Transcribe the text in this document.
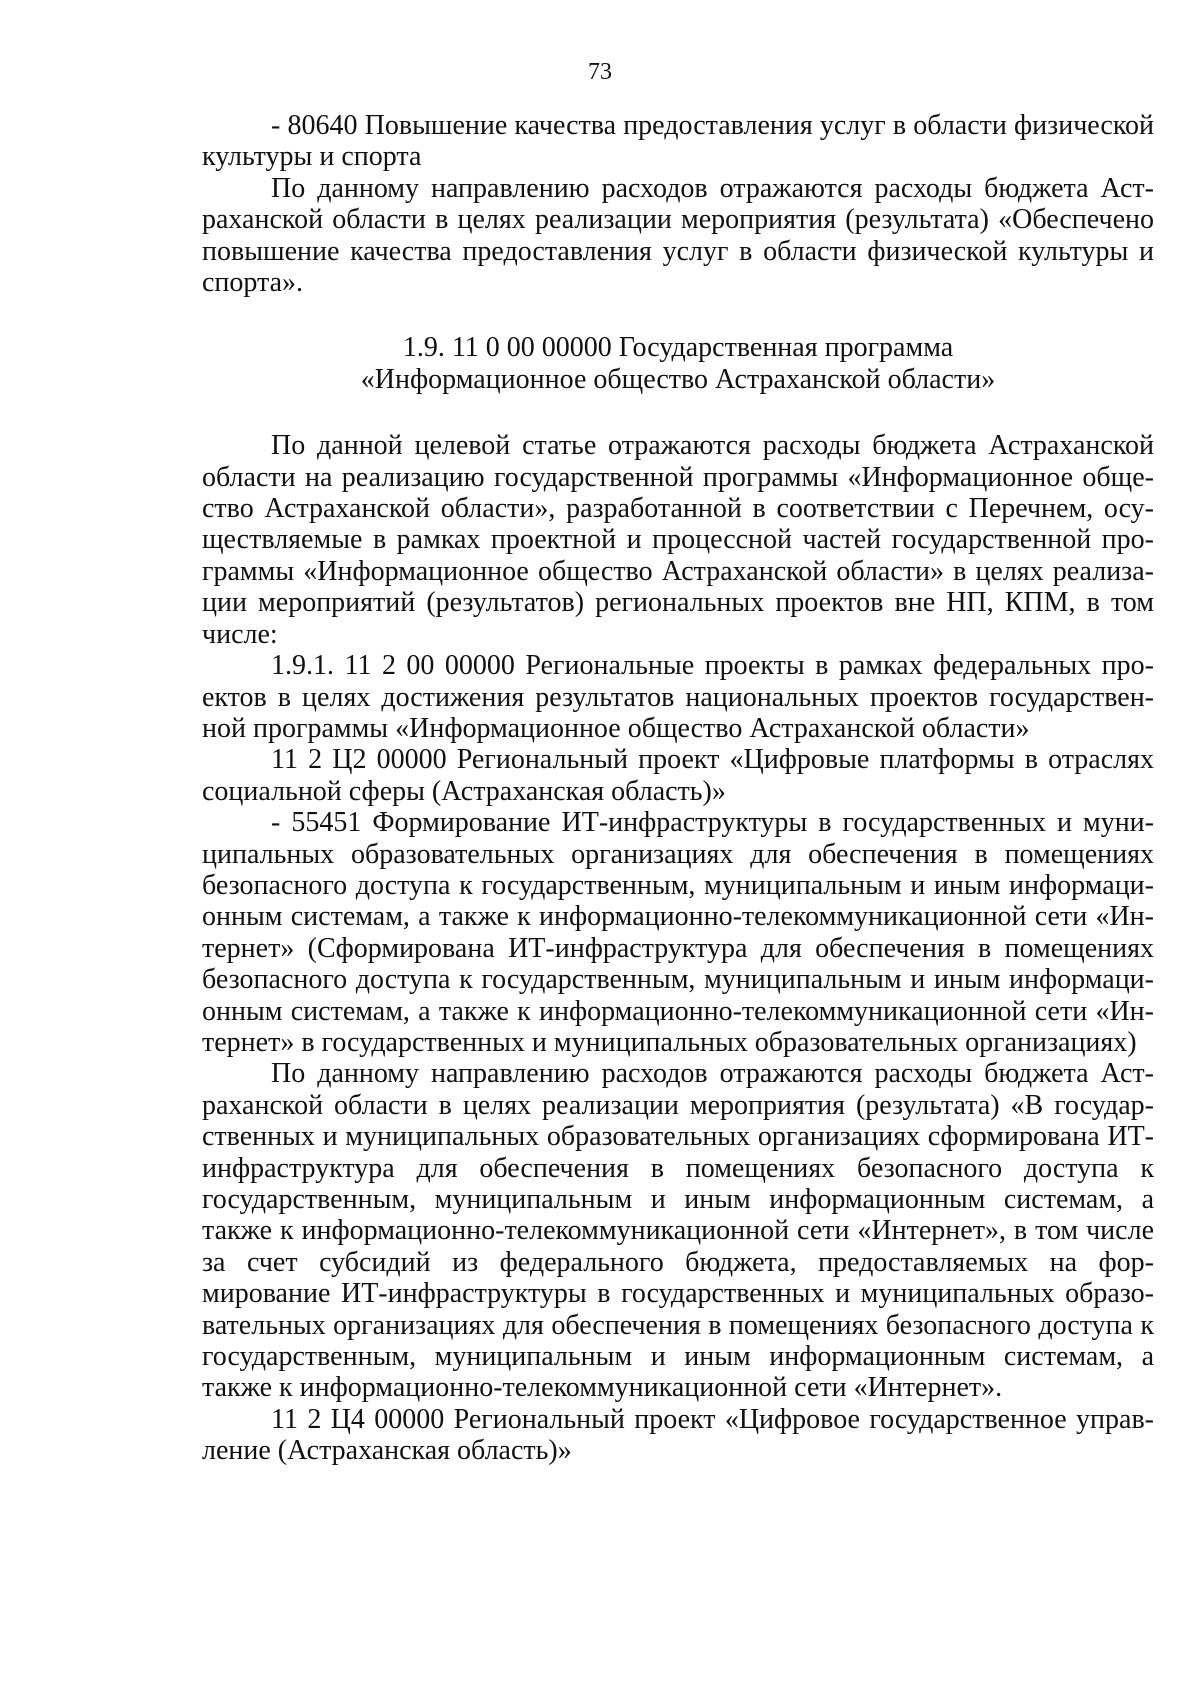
73

- 80640 Повышение качества предоставления услуг в области физической культуры и спорта

По данному направлению расходов отражаются расходы бюджета Астраханской области в целях реализации мероприятия (результата) «Обеспечено повышение качества предоставления услуг в области физической культуры и спорта».

1.9. 11 0 00 00000 Государственная программа

«Информационное общество Астраханской области»

По данной целевой статье отражаются расходы бюджета Астраханской области на реализацию государственной программы «Информационное общество Астраханской области», разработанной в соответствии с Перечнем, осуществляемые в рамках проектной и процессной частей государственной программы «Информационное общество Астраханской области» в целях реализации мероприятий (результатов) региональных проектов вне НП, КПМ, в том числе:

1.9.1. 11 2 00 00000 Региональные проекты в рамках федеральных проектов в целях достижения результатов национальных проектов государственной программы «Информационное общество Астраханской области»

11 2 Ц2 00000 Региональный проект «Цифровые платформы в отраслях социальной сферы (Астраханская область)»

- 55451 Формирование ИТ-инфраструктуры в государственных и муниципальных образовательных организациях для обеспечения в помещениях безопасного доступа к государственным, муниципальным и иным информационным системам, а также к информационно-телекоммуникационной сети «Интернет» (Сформирована ИТ-инфраструктура для обеспечения в помещениях безопасного доступа к государственным, муниципальным и иным информационным системам, а также к информационно-телекоммуникационной сети «Интернет» в государственных и муниципальных образовательных организациях)

По данному направлению расходов отражаются расходы бюджета Астраханской области в целях реализации мероприятия (результата) «В государственных и муниципальных образовательных организациях сформирована ИТ-инфраструктура для обеспечения в помещениях безопасного доступа к государственным, муниципальным и иным информационным системам, а также к информационно-телекоммуникационной сети «Интернет», в том числе за счет субсидий из федерального бюджета, предоставляемых на формирование ИТ-инфраструктуры в государственных и муниципальных образовательных организациях для обеспечения в помещениях безопасного доступа к государственным, муниципальным и иным информационным системам, а также к информационно-телекоммуникационной сети «Интернет».

11 2 Ц4 00000 Региональный проект «Цифровое государственное управление (Астраханская область)»
